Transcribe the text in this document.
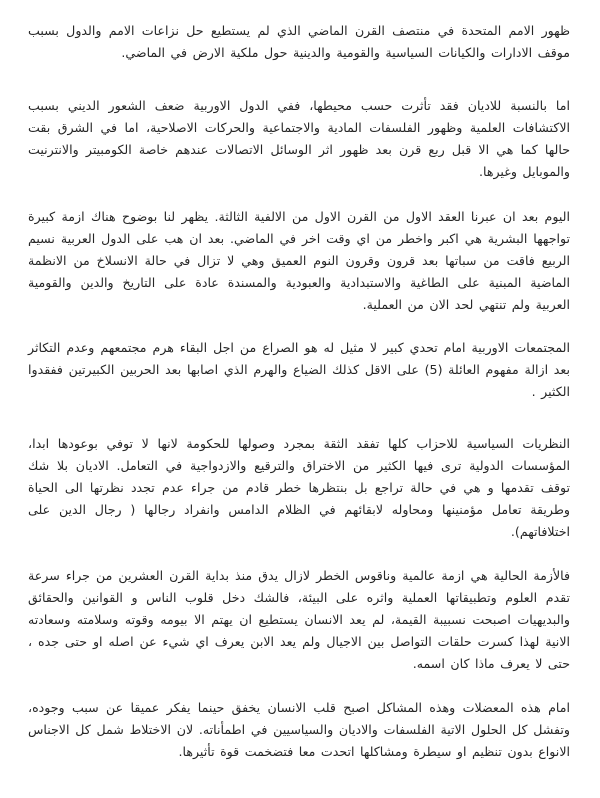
ظهور الامم المتحدة في منتصف القرن الماضي الذي لم يستطيع حل نزاعات الامم والدول بسبب موقف الادارات والكيانات السياسية والقومية والدينية حول ملكية الارض في الماضي.

اما بالنسبة للاديان فقد تأثرت حسب محيطها، ففي الدول الاوربية ضعف الشعور الديني بسبب الاكتشافات العلمية وظهور الفلسفات المادية والاجتماعية والحركات الاصلاحية، اما في الشرق بقت حالها كما هي الا قبل ربع قرن بعد ظهور اثر الوسائل الاتصالات عندهم خاصة الكومبيتر والانترنيت والموبايل وغيرها.

اليوم بعد ان عبرنا العقد الاول من القرن الاول من الالفية الثالثة. يظهر لنا بوضوح هناك ازمة كبيرة تواجهها البشرية هي اكبر واخطر من اي وقت اخر في الماضي. بعد ان هب على الدول العربية نسيم الربيع فاقت من سباتها بعد قرون وقرون النوم العميق وهي لا تزال في حالة الانسلاخ من الانظمة الماضية المبنية على الطاغية والاستبدادية والعبودية والمسندة عادة على التاريخ والدين والقومية العربية ولم تنتهي لحد الان من العملية.

المجتمعات الاوربية امام تحدي كبير لا مثيل له هو الصراع من اجل البقاء هرم مجتمعهم وعدم التكاثر بعد ازالة مفهوم العائلة (5) على الاقل كذلك الضياع والهرم الذي اصابها بعد الحربين الكبيرتين ففقدوا الكثير .

النظريات السياسية للاحزاب كلها تفقد الثقة بمجرد وصولها للحكومة لانها لا توفي بوعودها ابدا، المؤسسات الدولية ترى فيها الكثير من الاختراق والترقيع والازدواجية في التعامل. الاديان بلا شك توقف تقدمها و هي في حالة تراجع بل بنتظرها خطر قادم من جراء عدم تجدد نظرتها الى الحياة وطريقة تعامل مؤمنينها ومحاوله لابقائهم في الظلام الدامس وانفراد رجالها ( رجال الدين على اختلافاتهم).

فالأزمة الحالية هي ازمة عالمية وناقوس الخطر لازال يدق منذ بداية القرن العشرين من جراء سرعة تقدم العلوم وتطبيقاتها العملية واثره على البيئة، فالشك دخل قلوب الناس و القوانين والحقائق والبديهيات اصبحت نسبيبة القيمة، لم يعد الانسان يستطيع ان يهتم الا بيومه وقوته وسلامته وسعادته الانية لهذا كسرت حلقات التواصل بين الاجيال ولم يعد الابن يعرف اي شيء عن اصله او حتى جده ، حتى لا يعرف ماذا كان اسمه.

امام هذه المعضلات وهذه المشاكل اصبح قلب الانسان يخفق حينما يفكر عميقا عن سبب وجوده، وتفشل كل الحلول الاتية الفلسفات والاديان والسياسيين في اطمأناته. لان الاختلاط شمل كل الاجناس الانواع بدون تنظيم او سيطرة ومشاكلها اتحدت معا فتضخمت قوة تأثيرها.
